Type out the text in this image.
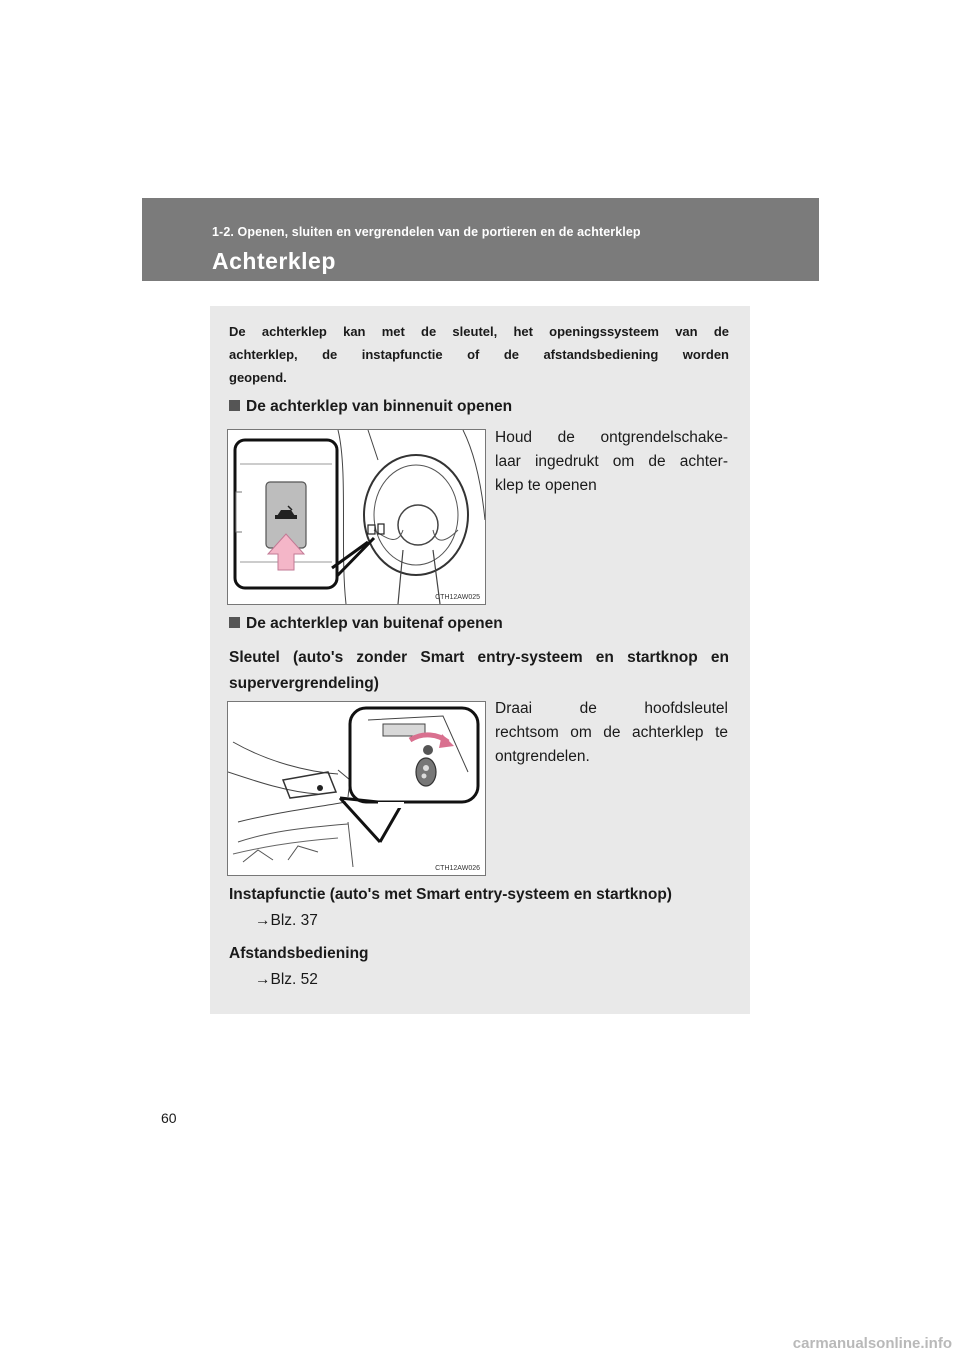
1-2. Openen, sluiten en vergrendelen van de portieren en de achterklep
Achterklep
De achterklep kan met de sleutel, het openingssysteem van de
achterklep, de instapfunctie of de afstandsbediening worden
geopend.
De achterklep van binnenuit openen
CTH12AW025
Houd de ontgrendelschake-
laar ingedrukt om de achter-
klep te openen
De achterklep van buitenaf openen
Sleutel (auto's zonder Smart entry-systeem en startknop en
supervergrendeling)
CTH12AW026
Draai de hoofdsleutel
rechtsom om de achterklep te
ontgrendelen.
Instapfunctie (auto's met Smart entry-systeem en startknop)
→Blz. 37
Afstandsbediening
→Blz. 52
60
carmanualsonline.info
